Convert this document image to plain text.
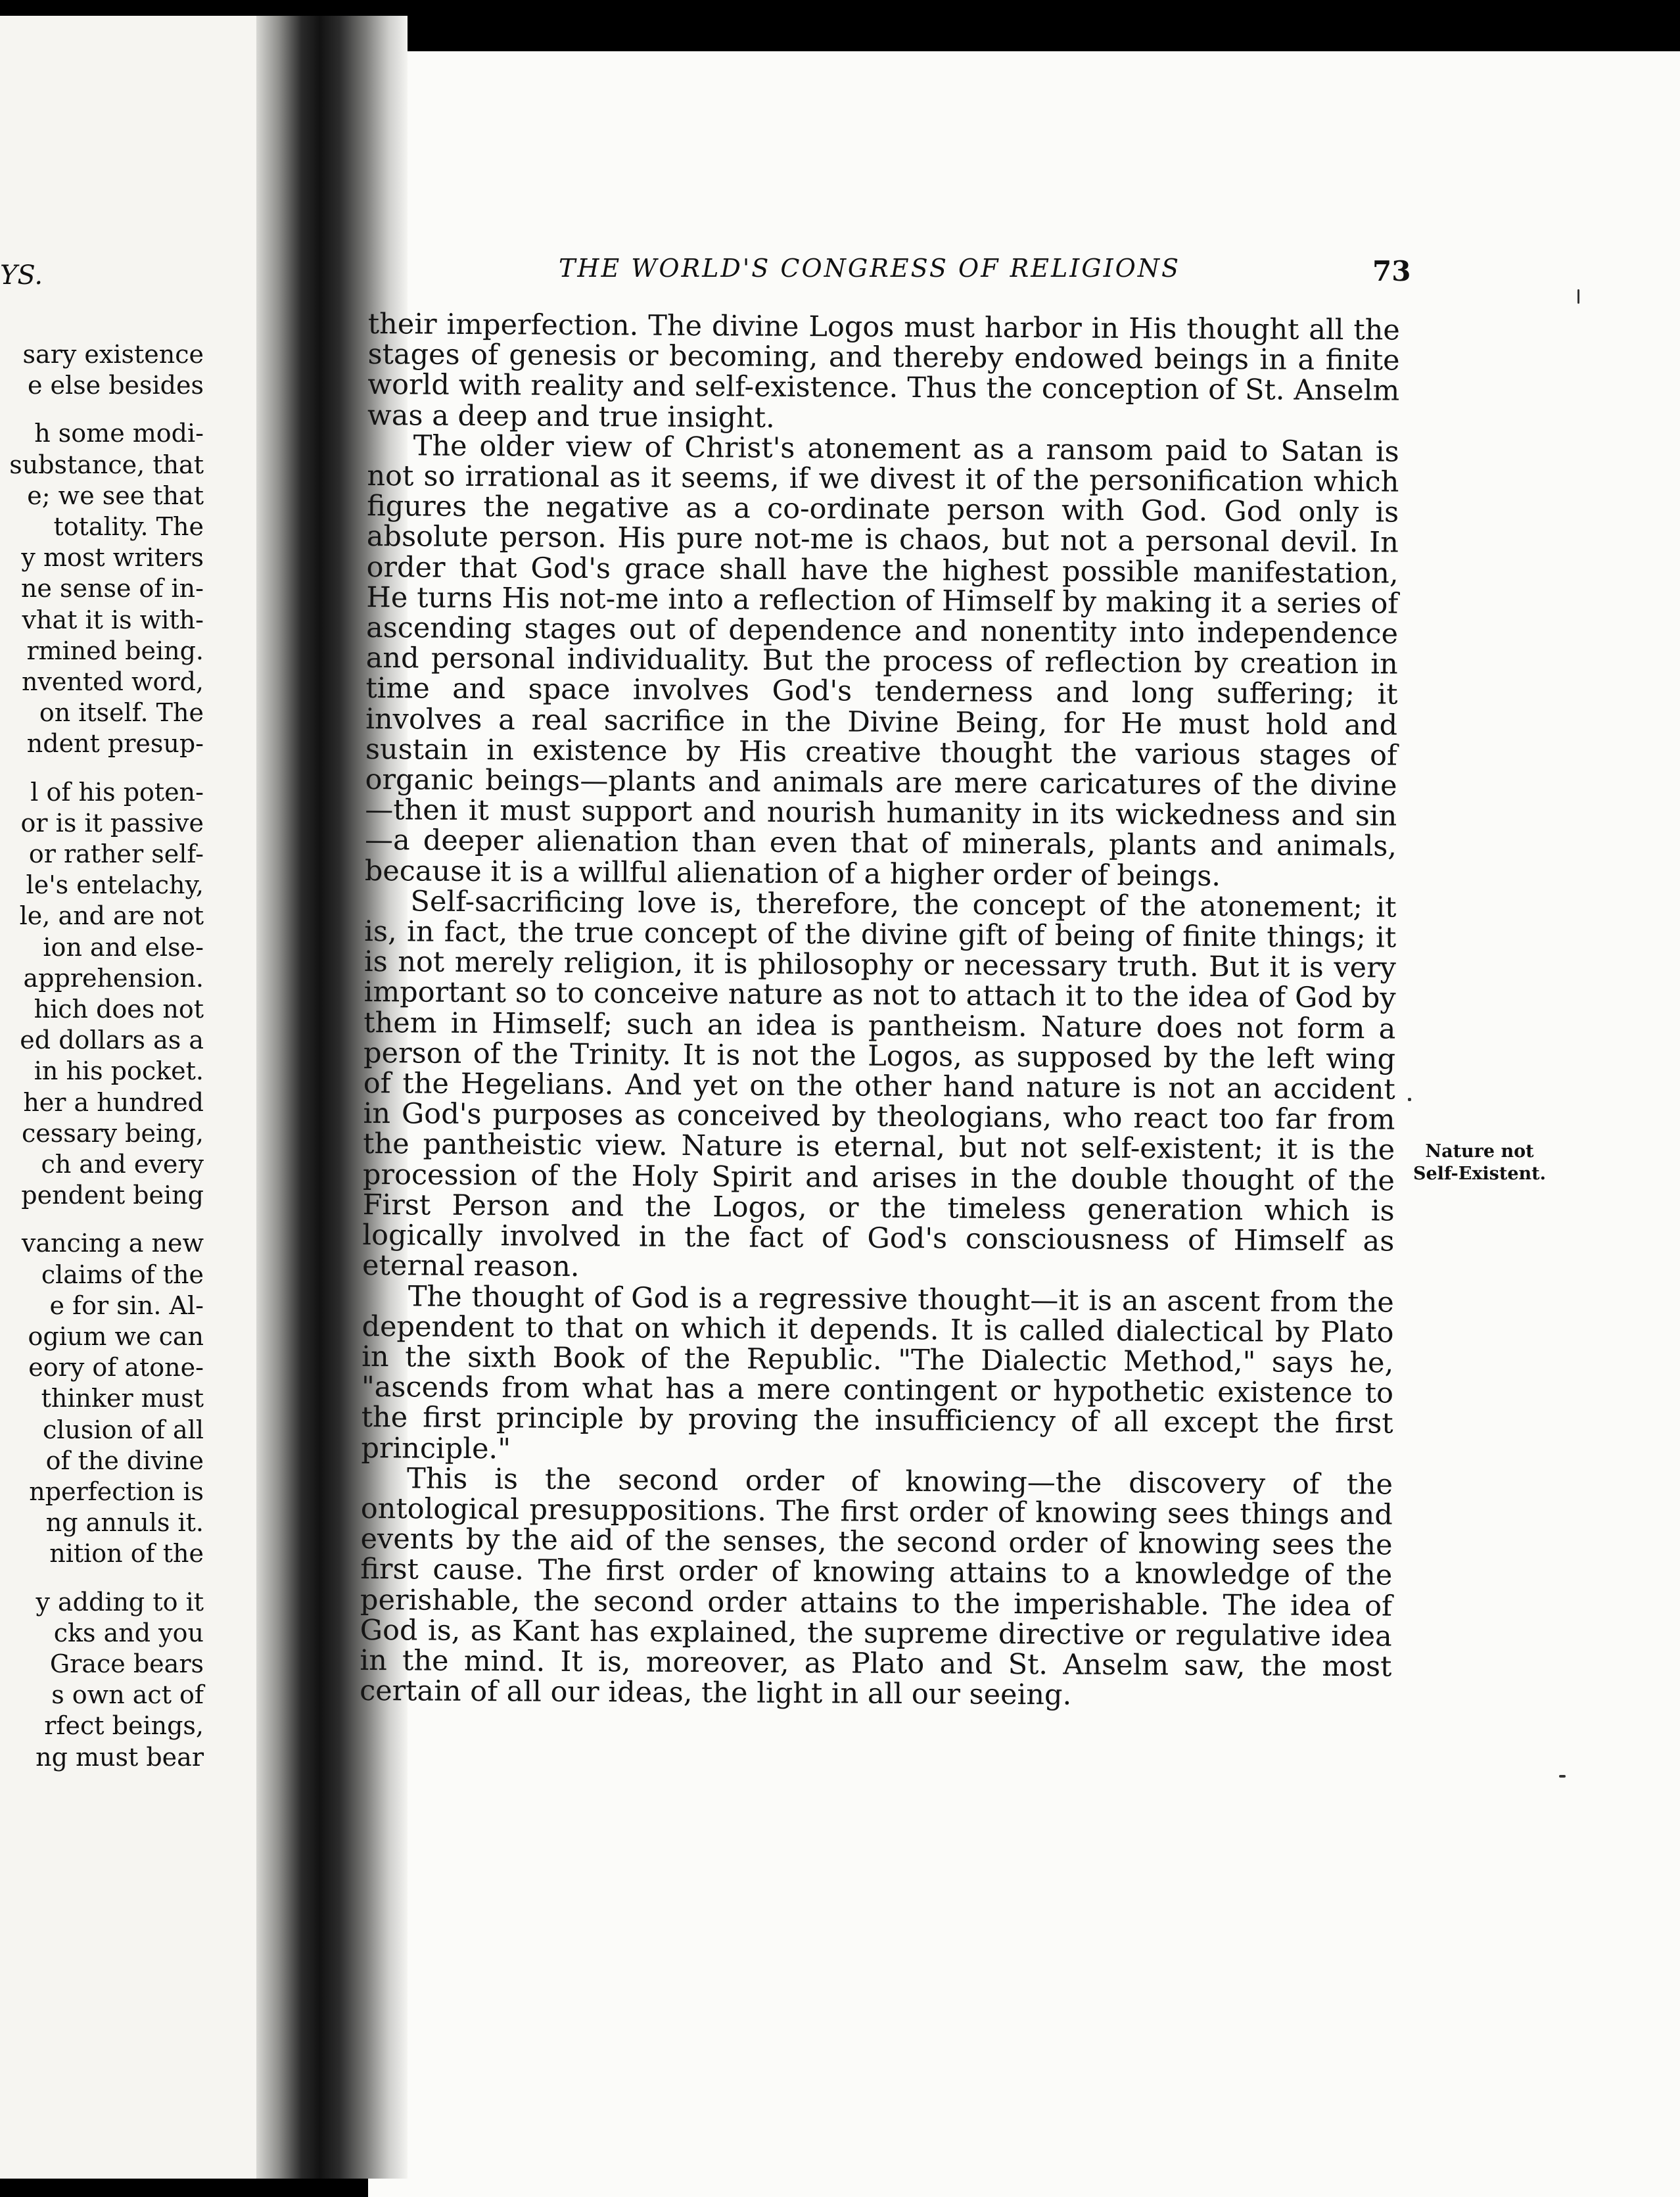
YS.
sary existence
e else besides
h some modi-
substance, that
e; we see that
totality. The
y most writers
ne sense of in-
vhat it is with-
rmined being.
nvented word,
on itself. The
ndent presup-
l of his poten-
or is it passive
or rather self-
le's entelachy,
le, and are not
ion and else-
apprehension.
hich does not
ed dollars as a
in his pocket.
her a hundred
cessary being,
ch and every
pendent being
vancing a new
claims of the
e for sin. Al-
ogium we can
eory of atone-
thinker must
clusion of all
of the divine
nperfection is
ng annuls it.
nition of the
y adding to it
cks and you
Grace bears
s own act of
rfect beings,
ng must bear
THE WORLD'S CONGRESS OF RELIGIONS	73

their imperfection. The divine Logos must harbor in His thought all the stages of genesis or becoming, and thereby endowed beings in a finite world with reality and self-existence. Thus the conception of St. Anselm was a deep and true insight.

The older view of Christ's atonement as a ransom paid to Satan is not so irrational as it seems, if we divest it of the personification which figures the negative as a co-ordinate person with God. God only is absolute person. His pure not-me is chaos, but not a personal devil. In order that God's grace shall have the highest possible manifestation, He turns His not-me into a reflection of Himself by making it a series of ascending stages out of dependence and nonentity into independence and personal individuality. But the process of reflection by creation in time and space involves God's tenderness and long suffering; it involves a real sacrifice in the Divine Being, for He must hold and sustain in existence by His creative thought the various stages of organic beings—plants and animals are mere caricatures of the divine —then it must support and nourish humanity in its wickedness and sin—a deeper alienation than even that of minerals, plants and animals, because it is a willful alienation of a higher order of beings.

Self-sacrificing love is, therefore, the concept of the atonement; it is, in fact, the true concept of the divine gift of being of finite things; it is not merely religion, it is philosophy or necessary truth. But it is very important so to conceive nature as not to attach it to the idea of God by them in Himself; such an idea is pantheism. Nature does not form a person of the Trinity. It is not the Logos, as supposed by the left wing of the Hegelians. And yet on the other hand nature is not an accident in God's purposes as conceived by theologians, who react too far from the pantheistic view. Nature is eternal, but not self-existent; it is the procession of the Holy Spirit and arises in the double thought of the First Person and the Logos, or the timeless generation which is logically involved in the fact of God's consciousness of Himself as eternal reason.

The thought of God is a regressive thought—it is an ascent from the dependent to that on which it depends. It is called dialectical by Plato in the sixth Book of the Republic. "The Dialectic Method," says he, "ascends from what has a mere contingent or hypothetic existence to the first principle by proving the insufficiency of all except the first principle."

This is the second order of knowing—the discovery of the ontological presuppositions. The first order of knowing sees things and events by the aid of the senses, the second order of knowing sees the first cause. The first order of knowing attains to a knowledge of the perishable, the second order attains to the imperishable. The idea of God is, as Kant has explained, the supreme directive or regulative idea in the mind. It is, moreover, as Plato and St. Anselm saw, the most certain of all our ideas, the light in all our seeing.

Nature not
Self-Existent.
